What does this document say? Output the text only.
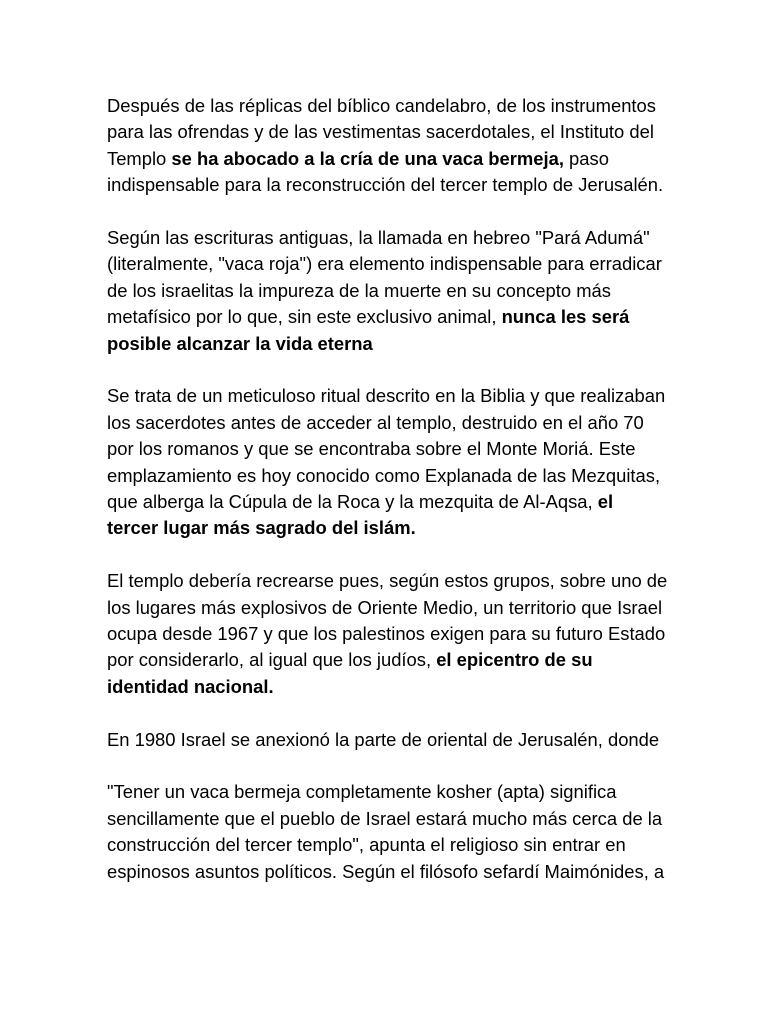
Después de las réplicas del bíblico candelabro, de los instrumentos
para las ofrendas y de las vestimentas sacerdotales, el Instituto del
Templo se ha abocado a la cría de una vaca bermeja, paso
indispensable para la reconstrucción del tercer templo de Jerusalén.

Según las escrituras antiguas, la llamada en hebreo "Pará Adumá"
(literalmente, "vaca roja") era elemento indispensable para erradicar
de los israelitas la impureza de la muerte en su concepto más
metafísico por lo que, sin este exclusivo animal, nunca les será
posible alcanzar la vida eterna

Se trata de un meticuloso ritual descrito en la Biblia y que realizaban
los sacerdotes antes de acceder al templo, destruido en el año 70
por los romanos y que se encontraba sobre el Monte Moriá. Este
emplazamiento es hoy conocido como Explanada de las Mezquitas,
que alberga la Cúpula de la Roca y la mezquita de Al-Aqsa, el
tercer lugar más sagrado del islám.

El templo debería recrearse pues, según estos grupos, sobre uno de
los lugares más explosivos de Oriente Medio, un territorio que Israel
ocupa desde 1967 y que los palestinos exigen para su futuro Estado
por considerarlo, al igual que los judíos, el epicentro de su
identidad nacional.

En 1980 Israel se anexionó la parte de oriental de Jerusalén, donde

"Tener un vaca bermeja completamente kosher (apta) significa
sencillamente que el pueblo de Israel estará mucho más cerca de la
construcción del tercer templo", apunta el religioso sin entrar en
espinosos asuntos políticos. Según el filósofo sefardí Maimónides, a
